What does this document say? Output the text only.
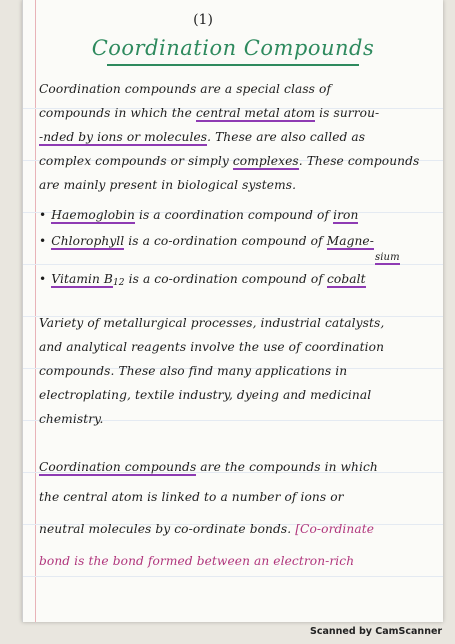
(1)
Coordination Compounds
Coordination compounds are a special class of
compounds in which the central metal atom is surrou-
-nded by ions or molecules. These are also called as
complex compounds or simply complexes. These compounds
are mainly present in biological systems.
• Haemoglobin is a coordination compound of iron
• Chlorophyll is a co-ordination compound of Magne-
sium
• Vitamin $B_{12}$ is a co-ordination compound of cobalt
Variety of metallurgical processes, industrial catalysts,
and analytical reagents involve the use of coordination
compounds. These also find many applications in
electroplating, textile industry, dyeing and medicinal
chemistry.
Coordination compounds are the compounds in which
the central atom is linked to a number of ions or
neutral molecules by co-ordinate bonds. [Co-ordinate
bond is the bond formed between an electron-rich
Scanned by CamScanner
